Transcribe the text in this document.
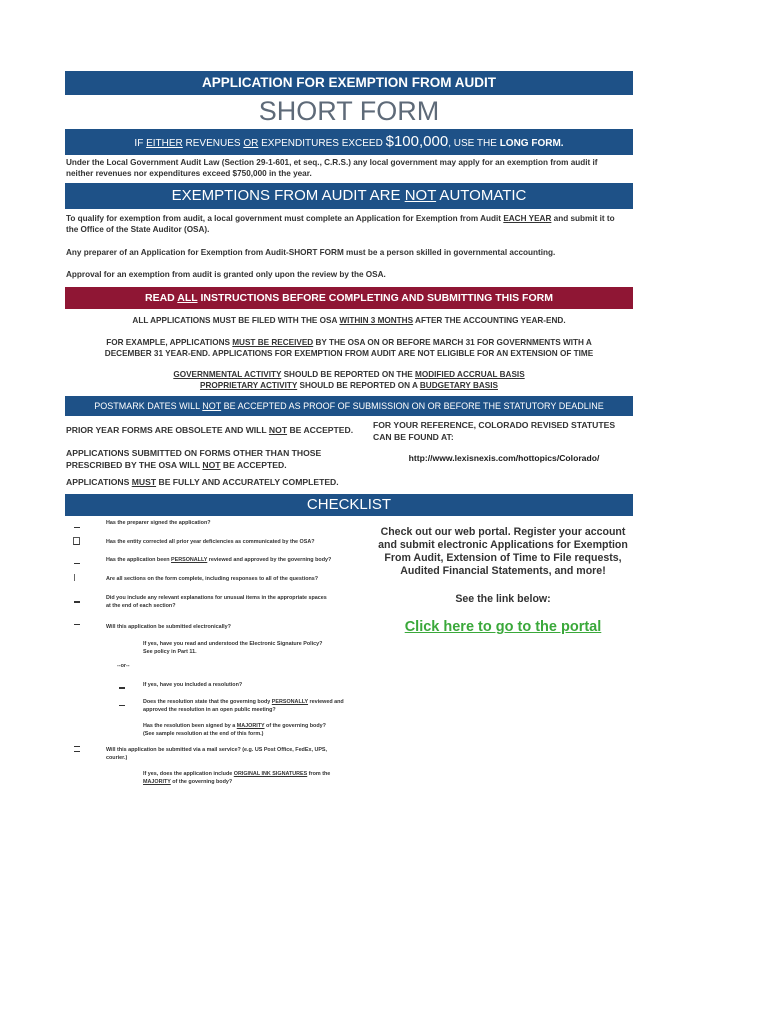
APPLICATION FOR EXEMPTION FROM AUDIT
SHORT FORM
IF EITHER REVENUES OR EXPENDITURES EXCEED $100,000, USE THE LONG FORM.
Under the Local Government Audit Law (Section 29-1-601, et seq., C.R.S.) any local government may apply for an exemption from audit if neither revenues nor expenditures exceed $750,000 in the year.
EXEMPTIONS FROM AUDIT ARE NOT AUTOMATIC
To qualify for exemption from audit, a local government must complete an Application for Exemption from Audit EACH YEAR and submit it to the Office of the State Auditor (OSA).
Any preparer of an Application for Exemption from Audit-SHORT FORM must be a person skilled in governmental accounting.
Approval for an exemption from audit is granted only upon the review by the OSA.
READ ALL INSTRUCTIONS BEFORE COMPLETING AND SUBMITTING THIS FORM
ALL APPLICATIONS MUST BE FILED WITH THE OSA WITHIN 3 MONTHS AFTER THE ACCOUNTING YEAR-END.
FOR EXAMPLE, APPLICATIONS MUST BE RECEIVED BY THE OSA ON OR BEFORE MARCH 31 FOR GOVERNMENTS WITH A
DECEMBER 31 YEAR-END. APPLICATIONS FOR EXEMPTION FROM AUDIT ARE NOT ELIGIBLE FOR AN EXTENSION OF TIME
GOVERNMENTAL ACTIVITY SHOULD BE REPORTED ON THE MODIFIED ACCRUAL BASIS
PROPRIETARY ACTIVITY SHOULD BE REPORTED ON A BUDGETARY BASIS
POSTMARK DATES WILL NOT BE ACCEPTED AS PROOF OF SUBMISSION ON OR BEFORE THE STATUTORY DEADLINE
PRIOR YEAR FORMS ARE OBSOLETE AND WILL NOT BE ACCEPTED.
APPLICATIONS SUBMITTED ON FORMS OTHER THAN THOSE
PRESCRIBED BY THE OSA WILL NOT BE ACCEPTED.
FOR YOUR REFERENCE, COLORADO REVISED STATUTES
CAN BE FOUND AT:
http://www.lexisnexis.com/hottopics/Colorado/
APPLICATIONS MUST BE FULLY AND ACCURATELY COMPLETED.
CHECKLIST
Has the preparer signed the application?
Has the entity corrected all prior year deficiencies as communicated by the OSA?
Has the application been PERSONALLY reviewed and approved by the governing body?
Are all sections on the form complete, including responses to all of the questions?
Did you include any relevant explanations for unusual items in the appropriate spaces
at the end of each section?
Will this application be submitted electronically?
If yes, have you read and understood the Electronic Signature Policy?
See policy in Part 11.
--or--
If yes, have you included a resolution?
Does the resolution state that the governing body PERSONALLY reviewed and
approved the resolution in an open public meeting?
Has the resolution been signed by a MAJORITY of the governing body?
(See sample resolution at the end of this form.)
Will this application be submitted via a mail service? (e.g. US Post Office, FedEx, UPS,
courier.)
If yes, does the application include ORIGINAL INK SIGNATURES from the
MAJORITY of the governing body?
Check out our web portal. Register your account
and submit electronic Applications for Exemption
From Audit, Extension of Time to File requests,
Audited Financial Statements, and more!
See the link below:
Click here to go to the portal
